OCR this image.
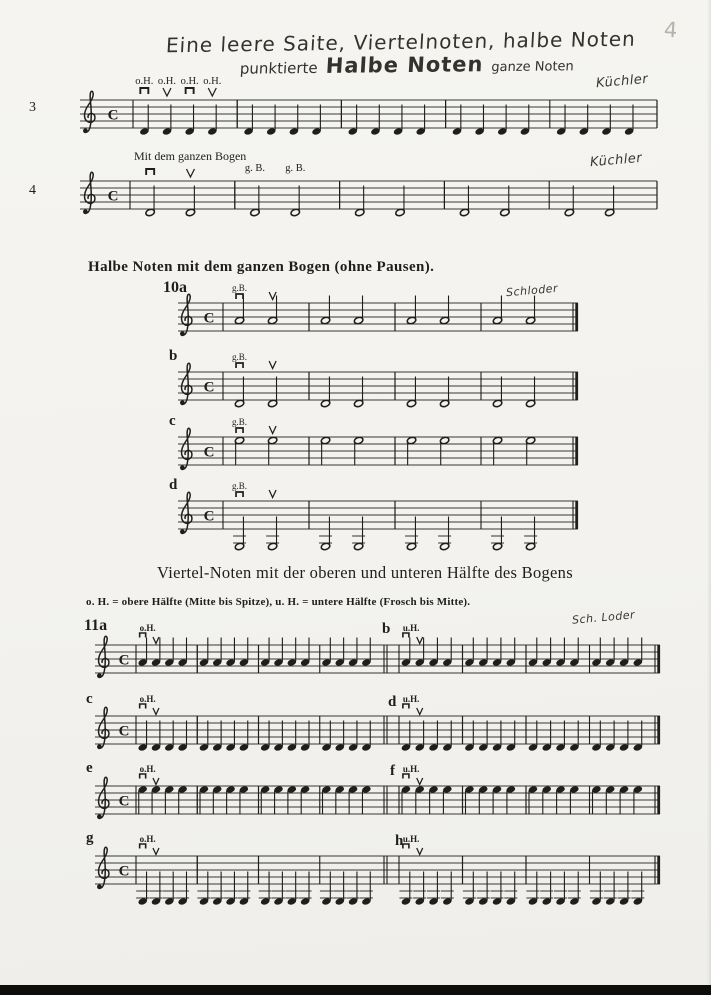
4
Eine leere Saite, Viertelnoten, halbe Noten
punktierte Halbe Noten ganze Noten
3	C
o.H. o.H. o.H. o.H.	Küchler
4	C
Mit dem ganzen Bogen
g. B. g. B.	Küchler
Halbe Noten mit dem ganzen Bogen (ohne Pausen).
10a
C
g.B.	Schloder
b
C
g.B.
c
C
g.B.
d
C
g.B.
Viertel-Noten mit der oberen und unteren Hälfte des Bogens
o. H. = obere Hälfte (Mitte bis Spitze), u. H. = untere Hälfte (Frosch bis Mitte).
11a	b
C
o.H.	u.H.
Sch. Loder
c	d
C
o.H.	u.H.
e	f
C
o.H.	u.H.
g	h
C
o.H.	u.H.
